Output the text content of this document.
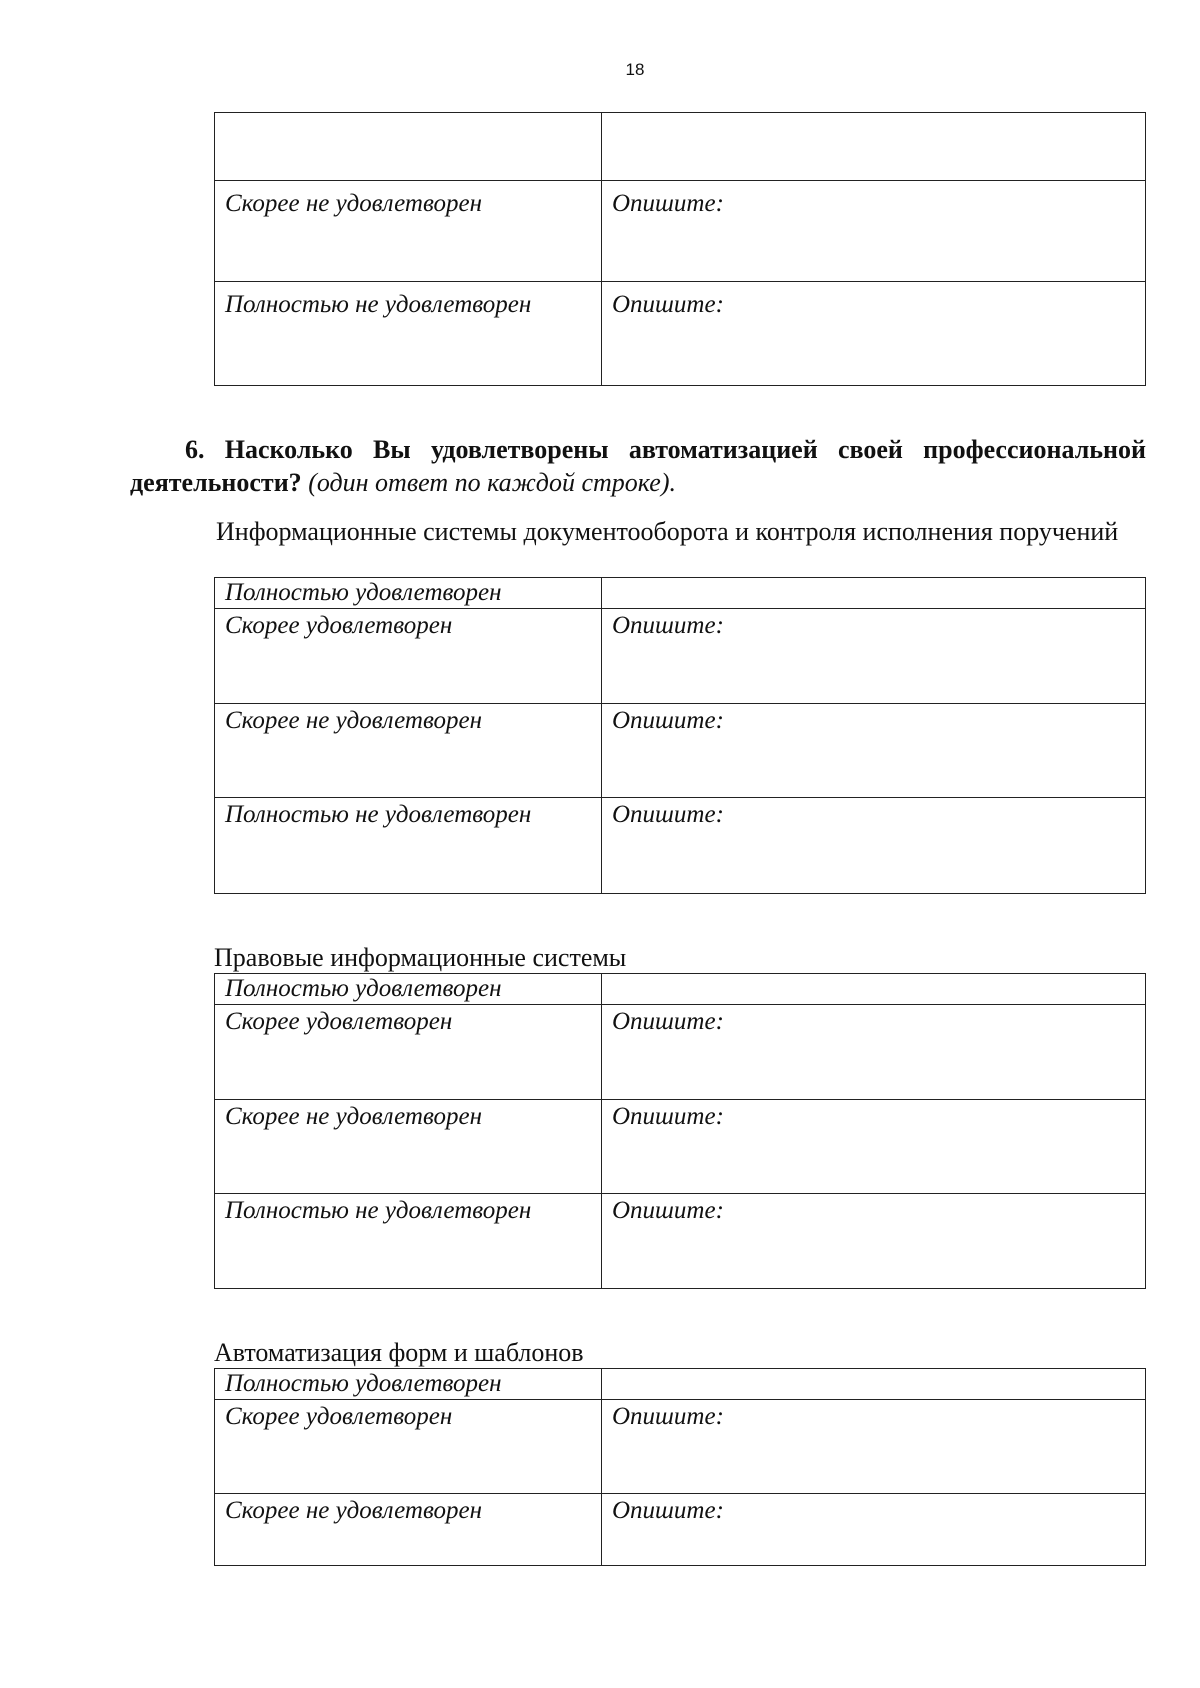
18

Скорее не удовлетворен	Опишите:
Полностью не удовлетворен	Опишите:
6. Насколько Вы удовлетворены автоматизацией своей профессиональной деятельности? (один ответ по каждой строке).
Информационные системы документооборота и контроля исполнения поручений
Полностью удовлетворен	
Скорее удовлетворен	Опишите:
Скорее не удовлетворен	Опишите:
Полностью не удовлетворен	Опишите:
Правовые информационные системы
Полностью удовлетворен	
Скорее удовлетворен	Опишите:
Скорее не удовлетворен	Опишите:
Полностью не удовлетворен	Опишите:
Автоматизация форм и шаблонов
Полностью удовлетворен	
Скорее удовлетворен	Опишите:
Скорее не удовлетворен	Опишите:
